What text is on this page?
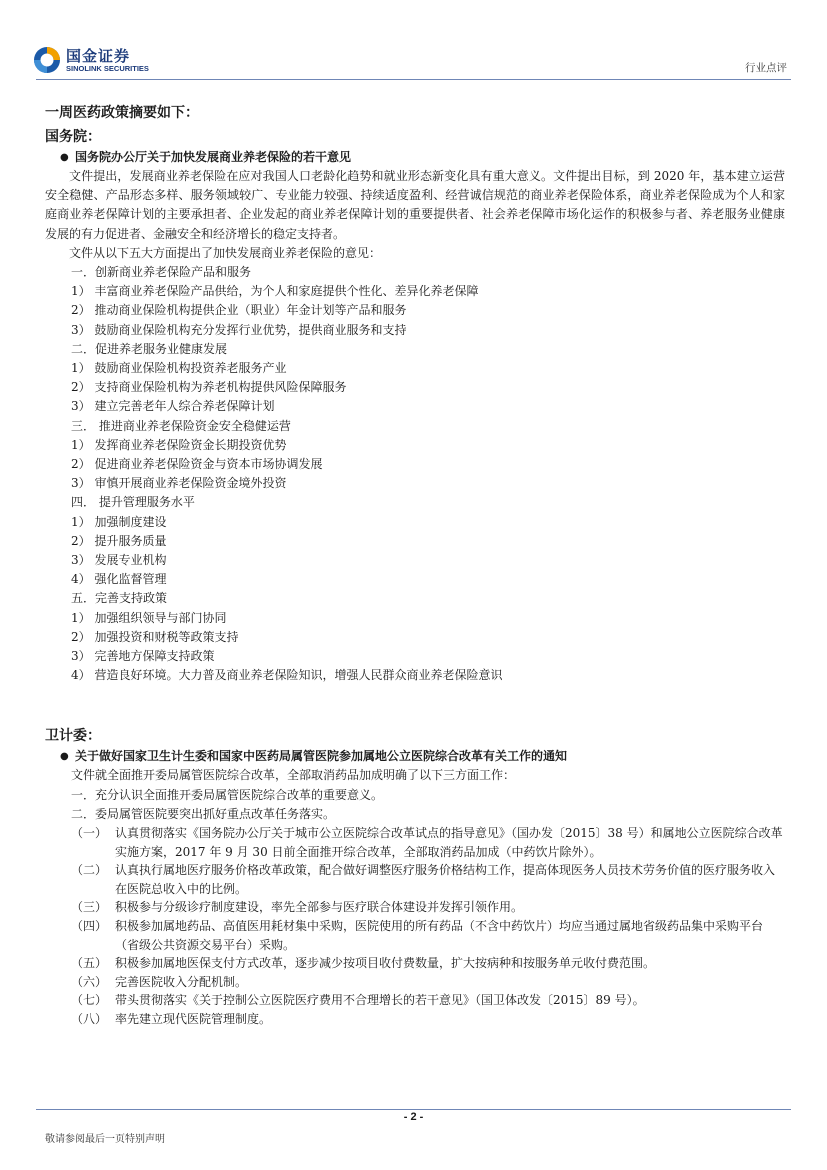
国金证券
SINOLINK SECURITIES	行业点评
一周医药政策摘要如下：
国务院：
● 国务院办公厅关于加快发展商业养老保险的若干意见
文件提出，发展商业养老保险在应对我国人口老龄化趋势和就业形态新变化具有重大意义。文件提出目标，到 2020 年，基本建立运营安全稳健、产品形态多样、服务领域较广、专业能力较强、持续适度盈利、经营诚信规范的商业养老保险体系，商业养老保险成为个人和家庭商业养老保障计划的主要承担者、企业发起的商业养老保障计划的重要提供者、社会养老保障市场化运作的积极参与者、养老服务业健康发展的有力促进者、金融安全和经济增长的稳定支持者。
文件从以下五大方面提出了加快发展商业养老保险的意见：
一．创新商业养老保险产品和服务
1） 丰富商业养老保险产品供给，为个人和家庭提供个性化、差异化养老保障
2） 推动商业保险机构提供企业（职业）年金计划等产品和服务
3） 鼓励商业保险机构充分发挥行业优势，提供商业服务和支持
二．促进养老服务业健康发展
1） 鼓励商业保险机构投资养老服务产业
2） 支持商业保险机构为养老机构提供风险保障服务
3） 建立完善老年人综合养老保障计划
三． 推进商业养老保险资金安全稳健运营
1） 发挥商业养老保险资金长期投资优势
2） 促进商业养老保险资金与资本市场协调发展
3） 审慎开展商业养老保险资金境外投资
四． 提升管理服务水平
1） 加强制度建设
2） 提升服务质量
3） 发展专业机构
4） 强化监督管理
五．完善支持政策
1） 加强组织领导与部门协同
2） 加强投资和财税等政策支持
3） 完善地方保障支持政策
4） 营造良好环境。大力普及商业养老保险知识，增强人民群众商业养老保险意识
卫计委：
● 关于做好国家卫生计生委和国家中医药局属管医院参加属地公立医院综合改革有关工作的通知
文件就全面推开委局属管医院综合改革，全部取消药品加成明确了以下三方面工作：
一．充分认识全面推开委局属管医院综合改革的重要意义。
二．委局属管医院要突出抓好重点改革任务落实。
（一） 认真贯彻落实《国务院办公厅关于城市公立医院综合改革试点的指导意见》（国办发〔2015〕38 号）和属地公立医院综合改革实施方案，2017 年 9 月 30 日前全面推开综合改革，全部取消药品加成（中药饮片除外）。
（二） 认真执行属地医疗服务价格改革政策，配合做好调整医疗服务价格结构工作，提高体现医务人员技术劳务价值的医疗服务收入在医院总收入中的比例。
（三） 积极参与分级诊疗制度建设，率先全部参与医疗联合体建设并发挥引领作用。
（四） 积极参加属地药品、高值医用耗材集中采购，医院使用的所有药品（不含中药饮片）均应当通过属地省级药品集中采购平台（省级公共资源交易平台）采购。
（五） 积极参加属地医保支付方式改革，逐步减少按项目收付费数量，扩大按病种和按服务单元收付费范围。
（六） 完善医院收入分配机制。
（七） 带头贯彻落实《关于控制公立医院医疗费用不合理增长的若干意见》（国卫体改发〔2015〕89 号）。
（八） 率先建立现代医院管理制度。
- 2 -
敬请参阅最后一页特别声明
